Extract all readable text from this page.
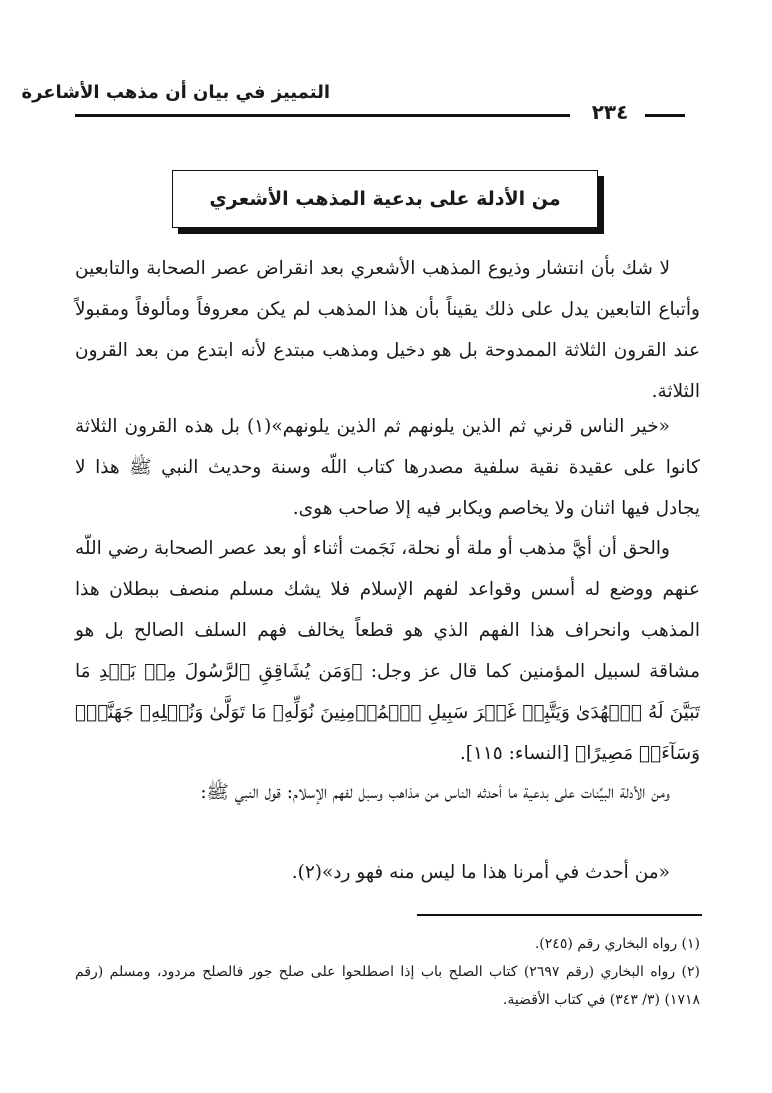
التمييز في بيان أن مذهب الأشاعرة
٢٣٤
من الأدلة على بدعية المذهب الأشعري

لا شك بأن انتشار وذيوع المذهب الأشعري بعد انقراض عصر الصحابة والتابعين وأتباع التابعين يدل على ذلك يقيناً بأن هذا المذهب لم يكن معروفاً ومألوفاً ومقبولاً عند القرون الثلاثة الممدوحة بل هو دخيل ومذهب مبتدع لأنه ابتدع من بعد القرون الثلاثة.

«خير الناس قرني ثم الذين يلونهم ثم الذين يلونهم»(١) بل هذه القرون الثلاثة كانوا على عقيدة نقية سلفية مصدرها كتاب اللّه وسنة وحديث النبي ﷺ هذا لا يجادل فيها اثنان ولا يخاصم ويكابر فيه إلا صاحب هوى.

والحق أن أيَّ مذهب أو ملة أو نحلة، نَجَمت أثناء أو بعد عصر الصحابة رضي اللّه عنهم ووضع له أسس وقواعد لفهم الإسلام فلا يشك مسلم منصف ببطلان هذا المذهب وانحراف هذا الفهم الذي هو قطعاً يخالف فهم السلف الصالح بل هو مشاقة لسبيل المؤمنين كما قال عز وجل: ﴿وَمَن يُشَاقِقِ ٱلرَّسُولَ مِنۢ بَعۡدِ مَا تَبَيَّنَ لَهُ ٱلۡهُدَىٰ وَيَتَّبِعۡ غَيۡرَ سَبِيلِ ٱلۡمُؤۡمِنِينَ نُوَلِّهِۦ مَا تَوَلَّىٰ وَنُصۡلِهِۦ جَهَنَّمَۖ وَسَآءَتۡ مَصِيرًا﴾ [النساء: ١١٥].

ومن الأدلة البيِّنات على بدعية ما أحدثه الناس من مذاهب وسبل لفهم الإسلام: قول النبي ﷺ:

«من أحدث في أمرنا هذا ما ليس منه فهو رد»(٢).

(١) رواه البخاري رقم (٢٤٥).

(٢) رواه البخاري (رقم ٢٦٩٧) كتاب الصلح باب إذا اصطلحوا على صلح جور فالصلح مردود، ومسلم (رقم ١٧١٨) (٣/ ٣٤٣) في كتاب الأقضية.
